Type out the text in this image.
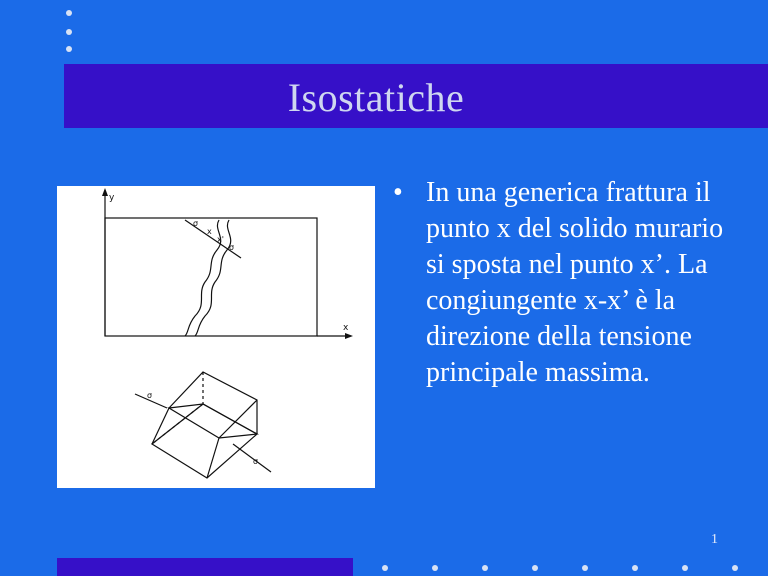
Isostatiche
y
x
x
x'
σ
σ
σ
σ
• In una generica frattura il punto x del solido murario si sposta nel punto x’. La congiungente x-x’ è la direzione della tensione principale massima.
1
